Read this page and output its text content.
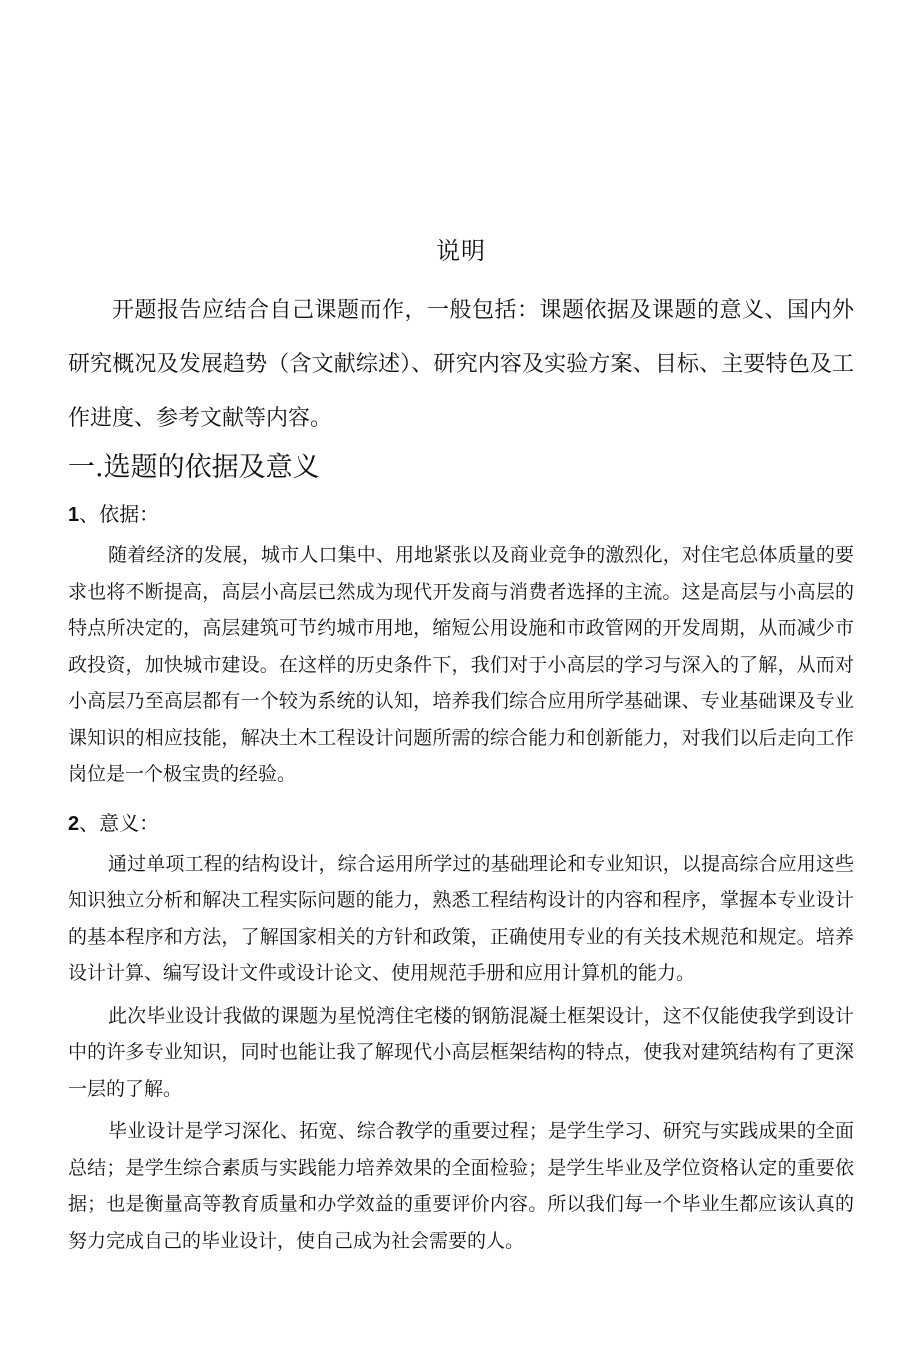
说明

开题报告应结合自己课题而作，一般包括：课题依据及课题的意义、国内外研究概况及发展趋势（含文献综述）、研究内容及实验方案、目标、主要特色及工作进度、参考文献等内容。

一.选题的依据及意义
1、依据：

随着经济的发展，城市人口集中、用地紧张以及商业竞争的激烈化，对住宅总体质量的要求也将不断提高，高层小高层已然成为现代开发商与消费者选择的主流。这是高层与小高层的特点所决定的，高层建筑可节约城市用地，缩短公用设施和市政管网的开发周期，从而减少市政投资，加快城市建设。在这样的历史条件下，我们对于小高层的学习与深入的了解，从而对小高层乃至高层都有一个较为系统的认知，培养我们综合应用所学基础课、专业基础课及专业课知识的相应技能，解决土木工程设计问题所需的综合能力和创新能力，对我们以后走向工作岗位是一个极宝贵的经验。

2、意义：

通过单项工程的结构设计，综合运用所学过的基础理论和专业知识，以提高综合应用这些知识独立分析和解决工程实际问题的能力，熟悉工程结构设计的内容和程序，掌握本专业设计的基本程序和方法，了解国家相关的方针和政策，正确使用专业的有关技术规范和规定。培养设计计算、编写设计文件或设计论文、使用规范手册和应用计算机的能力。

此次毕业设计我做的课题为星悦湾住宅楼的钢筋混凝土框架设计，这不仅能使我学到设计中的许多专业知识，同时也能让我了解现代小高层框架结构的特点，使我对建筑结构有了更深一层的了解。

毕业设计是学习深化、拓宽、综合教学的重要过程；是学生学习、研究与实践成果的全面总结；是学生综合素质与实践能力培养效果的全面检验；是学生毕业及学位资格认定的重要依据；也是衡量高等教育质量和办学效益的重要评价内容。所以我们每一个毕业生都应该认真的努力完成自己的毕业设计，使自己成为社会需要的人。
